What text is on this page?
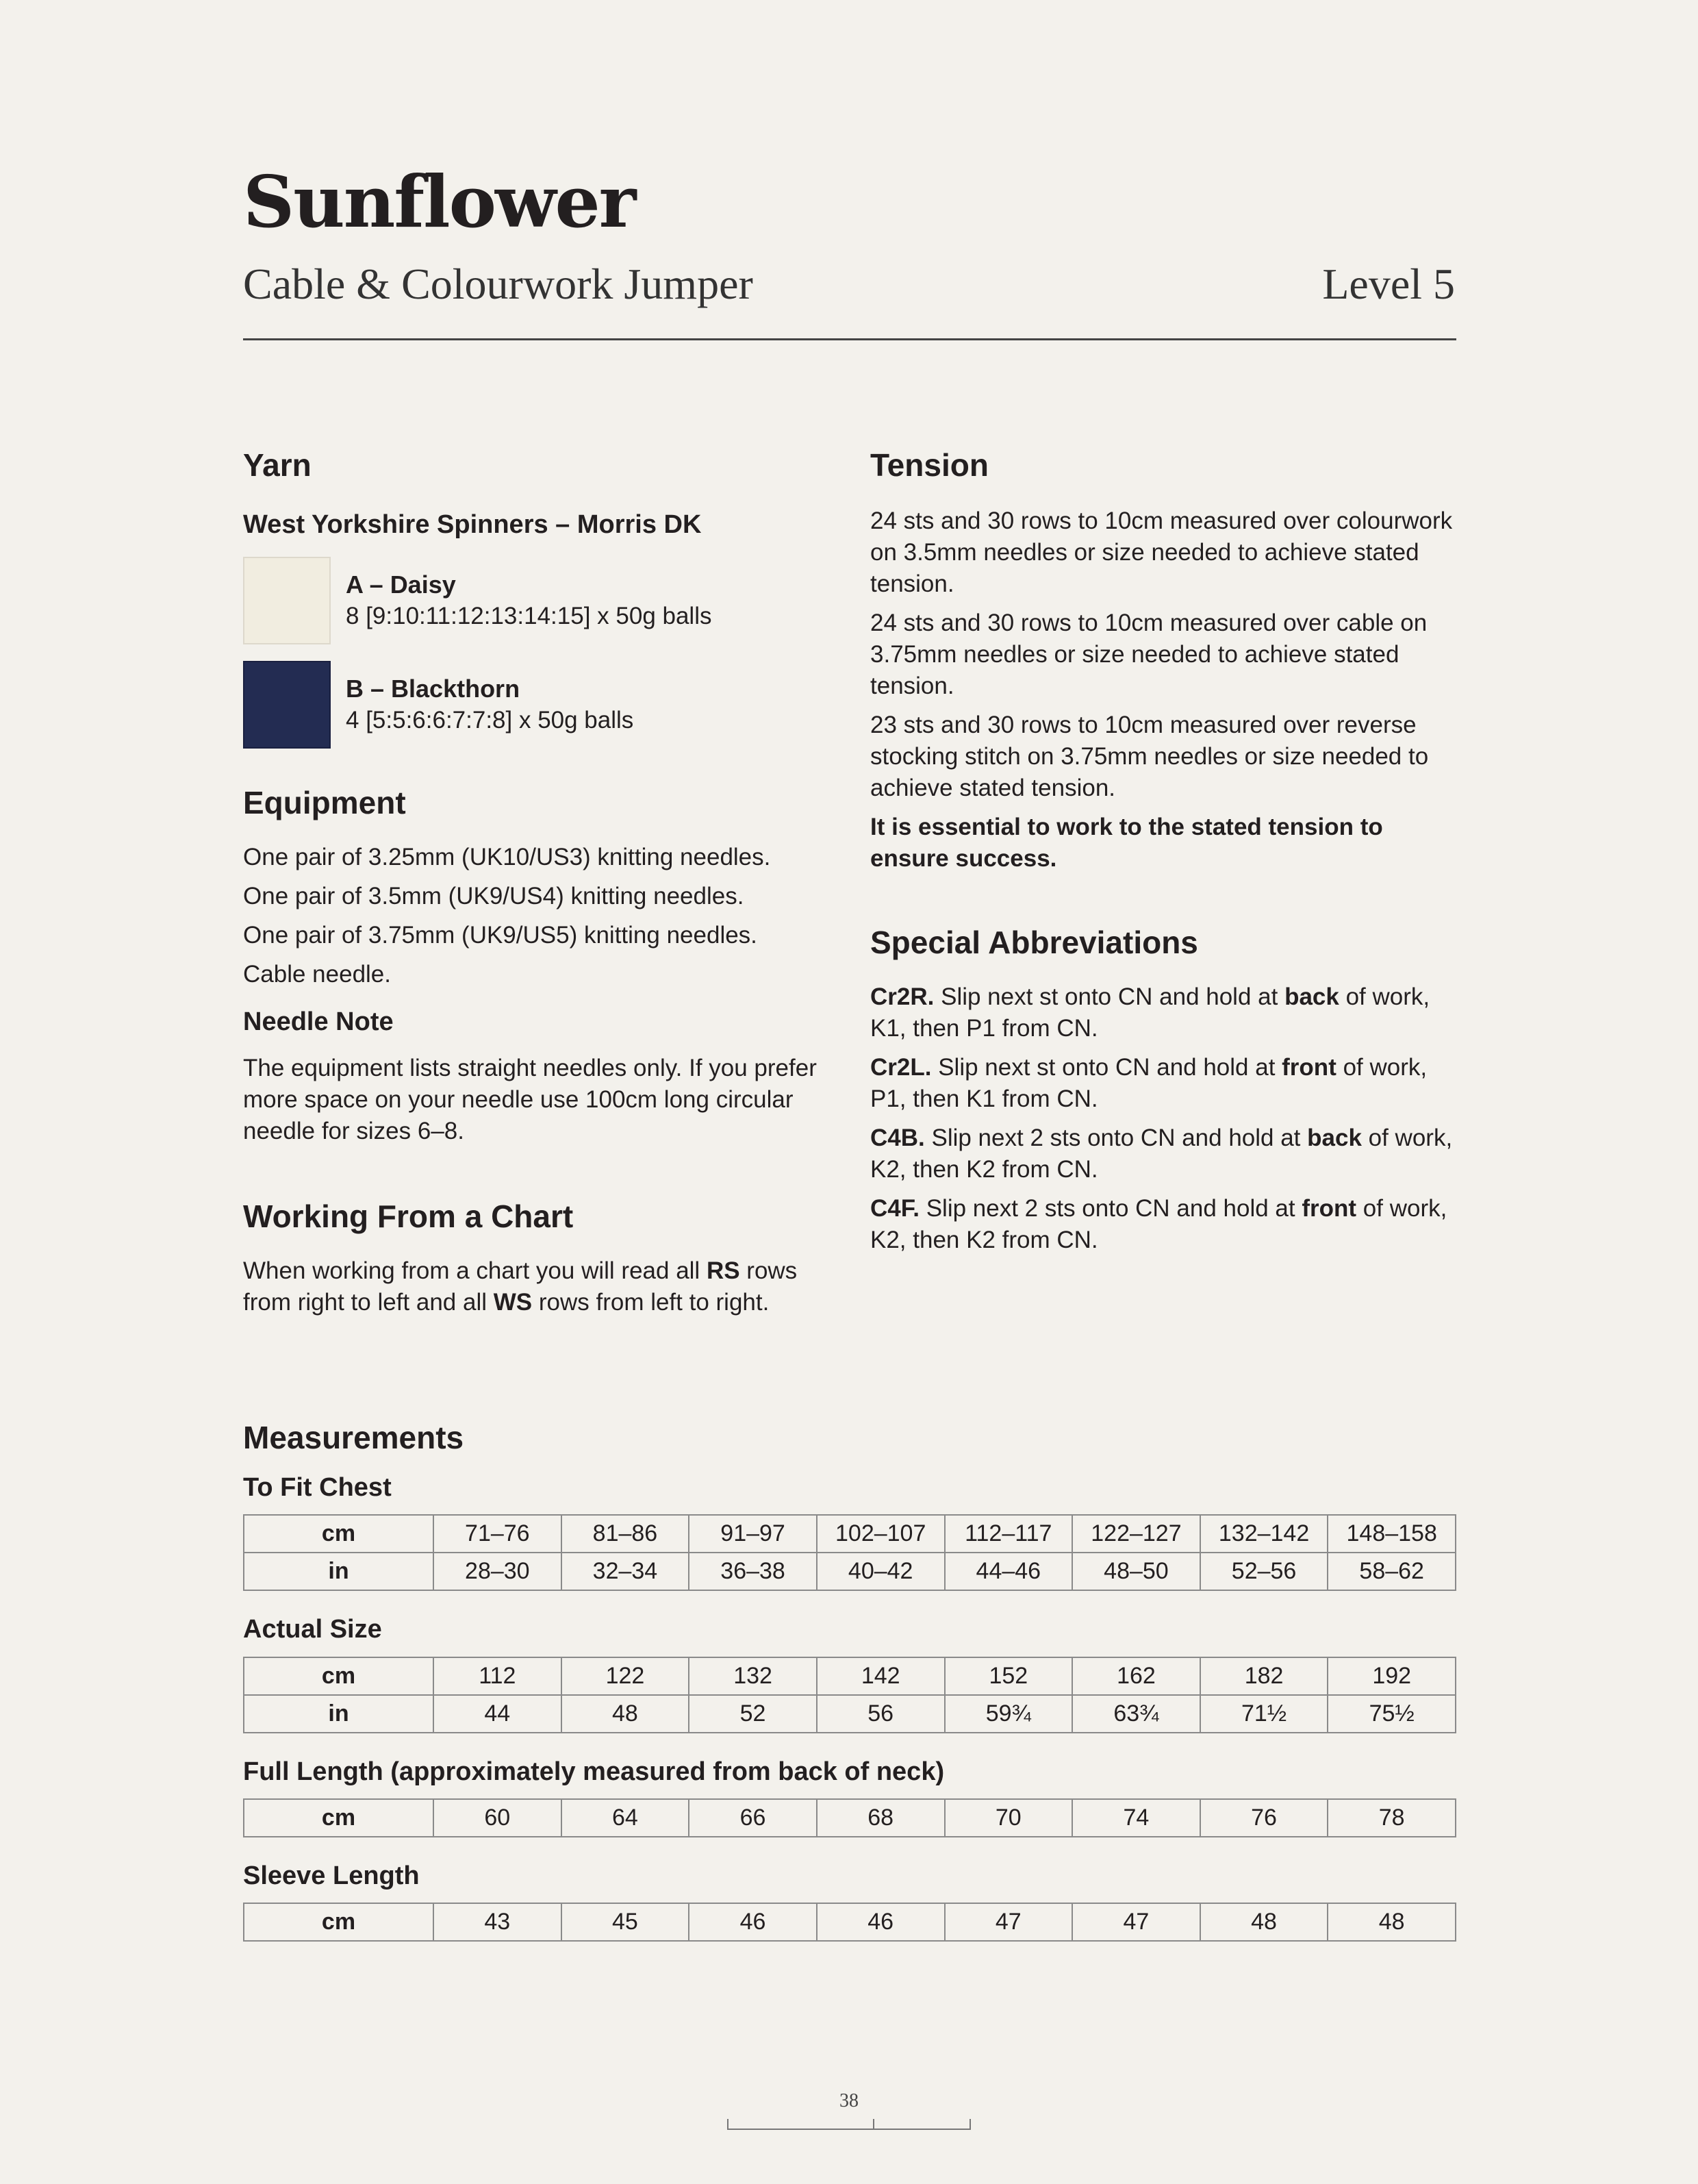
Sunflower
Cable & Colourwork Jumper	Level 5
Yarn
West Yorkshire Spinners – Morris DK
A – Daisy
8 [9:10:11:12:13:14:15] x 50g balls
B – Blackthorn
4 [5:5:6:6:7:7:8] x 50g balls
Equipment

One pair of 3.25mm (UK10/US3) knitting needles.

One pair of 3.5mm (UK9/US4) knitting needles.

One pair of 3.75mm (UK9/US5) knitting needles.

Cable needle.

Needle Note

The equipment lists straight needles only. If you prefer more space on your needle use 100cm long circular needle for sizes 6–8.

Working From a Chart

When working from a chart you will read all RS rows from right to left and all WS rows from left to right.

Tension

24 sts and 30 rows to 10cm measured over colourwork on 3.5mm needles or size needed to achieve stated tension.

24 sts and 30 rows to 10cm measured over cable on 3.75mm needles or size needed to achieve stated tension.

23 sts and 30 rows to 10cm measured over reverse stocking stitch on 3.75mm needles or size needed to achieve stated tension.

It is essential to work to the stated tension to ensure success.

Special Abbreviations

Cr2R. Slip next st onto CN and hold at back of work, K1, then P1 from CN.

Cr2L. Slip next st onto CN and hold at front of work, P1, then K1 from CN.

C4B. Slip next 2 sts onto CN and hold at back of work, K2, then K2 from CN.

C4F. Slip next 2 sts onto CN and hold at front of work, K2, then K2 from CN.

Measurements
To Fit Chest
cm	71–76	81–86	91–97	102–107	112–117	122–127	132–142	148–158
in	28–30	32–34	36–38	40–42	44–46	48–50	52–56	58–62
Actual Size
cm	112	122	132	142	152	162	182	192
in	44	48	52	56	59¾	63¾	71½	75½
Full Length (approximately measured from back of neck)
cm	60	64	66	68	70	74	76	78
Sleeve Length
cm	43	45	46	46	47	47	48	48
38
